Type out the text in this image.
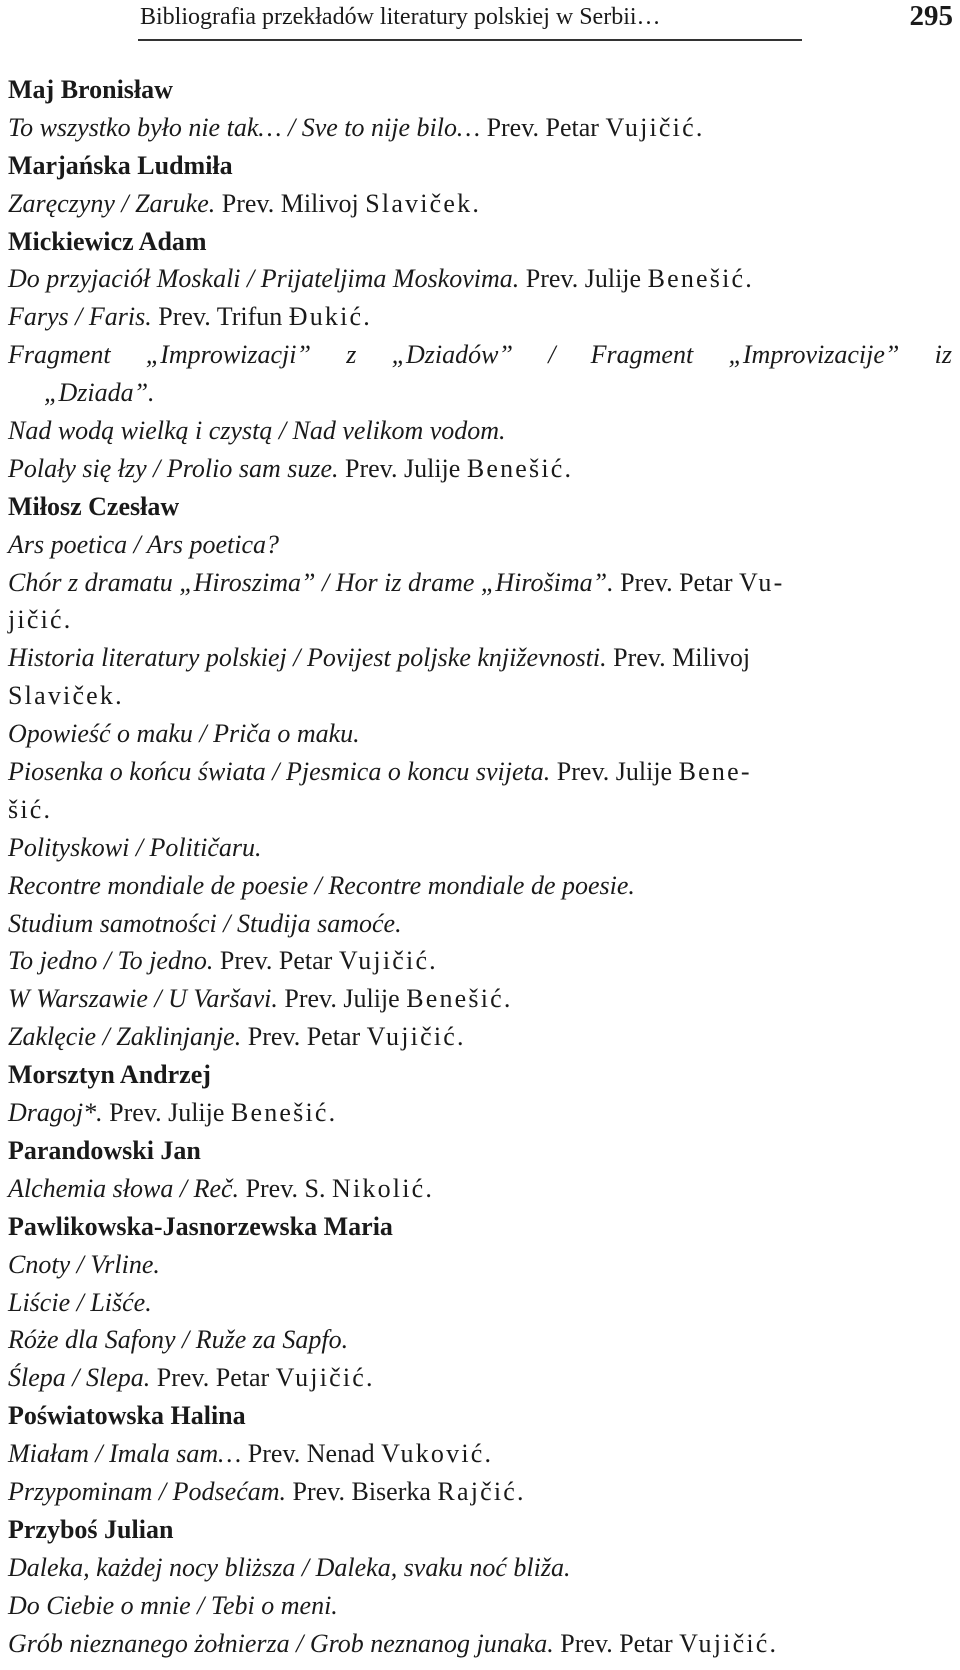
Bibliografia przekładów literatury polskiej w Serbii…	295
Maj Bronisław
To wszystko było nie tak… / Sve to nije bilo… Prev. Petar Vujičić.
Marjańska Ludmiła
Zaręczyny / Zaruke. Prev. Milivoj Slaviček.
Mickiewicz Adam
Do przyjaciół Moskali / Prijateljima Moskovima. Prev. Julije Benešić.
Farys / Faris. Prev. Trifun Đukić.
Fragment „Improwizacji” z „Dziadów” / Fragment „Improvizacije” iz
„Dziada”.
Nad wodą wielką i czystą / Nad velikom vodom.
Polały się łzy / Prolio sam suze. Prev. Julije Benešić.
Miłosz Czesław
Ars poetica / Ars poetica?
Chór z dramatu „Hiroszima” / Hor iz drame „Hirošima”. Prev. Petar Vu-
jičić.
Historia literatury polskiej / Povijest poljske književnosti. Prev. Milivoj
Slaviček.
Opowieść o maku / Priča o maku.
Piosenka o końcu świata / Pjesmica o koncu svijeta. Prev. Julije Bene-
šić.
Polityskowi / Političaru.
Recontre mondiale de poesie / Recontre mondiale de poesie.
Studium samotności / Studija samoće.
To jedno / To jedno. Prev. Petar Vujičić.
W Warszawie / U Varšavi. Prev. Julije Benešić.
Zaklęcie / Zaklinjanje. Prev. Petar Vujičić.
Morsztyn Andrzej
Dragoj*. Prev. Julije Benešić.
Parandowski Jan
Alchemia słowa / Reč. Prev. S. Nikolić.
Pawlikowska-Jasnorzewska Maria
Cnoty / Vrline.
Liście / Lišće.
Róże dla Safony / Ruže za Sapfo.
Ślepa / Slepa. Prev. Petar Vujičić.
Poświatowska Halina
Miałam / Imala sam… Prev. Nenad Vuković.
Przypominam / Podsećam. Prev. Biserka Rajčić.
Przyboś Julian
Daleka, każdej nocy bliższa / Daleka, svaku noć bliža.
Do Ciebie o mnie / Tebi o meni.
Grób nieznanego żołnierza / Grob neznanog junaka. Prev. Petar Vujičić.
